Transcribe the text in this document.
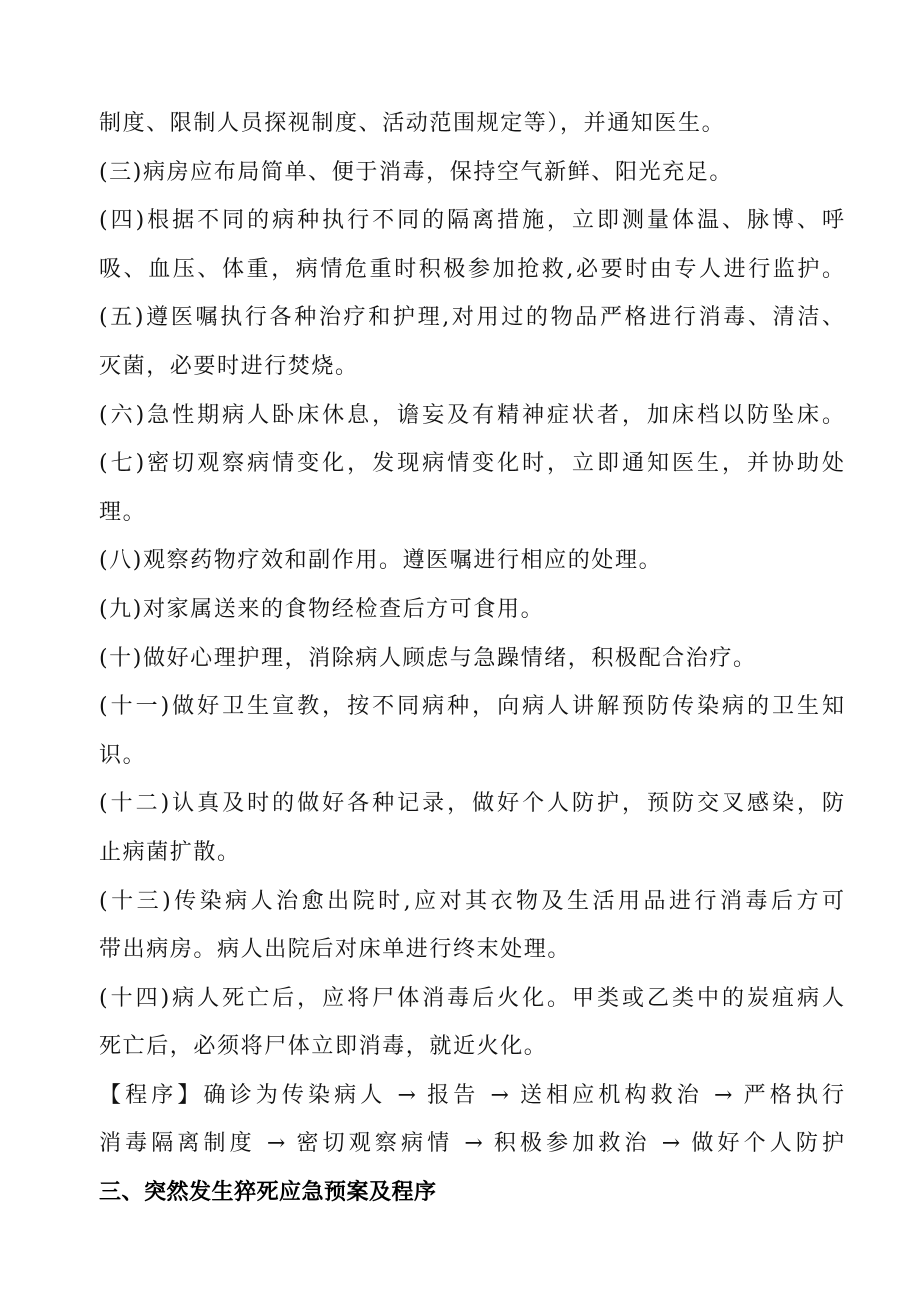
制度、限制人员探视制度、活动范围规定等），并通知医生。
(三)病房应布局简单、便于消毒，保持空气新鲜、阳光充足。
(四)根据不同的病种执行不同的隔离措施，立即测量体温、脉博、呼
吸、血压、体重，病情危重时积极参加抢救,必要时由专人进行监护。
(五)遵医嘱执行各种治疗和护理,对用过的物品严格进行消毒、清洁、
灭菌，必要时进行焚烧。
(六)急性期病人卧床休息，谵妄及有精神症状者，加床档以防坠床。
(七)密切观察病情变化，发现病情变化时，立即通知医生，并协助处
理。
(八)观察药物疗效和副作用。遵医嘱进行相应的处理。
(九)对家属送来的食物经检查后方可食用。
(十)做好心理护理，消除病人顾虑与急躁情绪，积极配合治疗。
(十一)做好卫生宣教，按不同病种，向病人讲解预防传染病的卫生知
识。
(十二)认真及时的做好各种记录，做好个人防护，预防交叉感染，防
止病菌扩散。
(十三)传染病人治愈出院时,应对其衣物及生活用品进行消毒后方可
带出病房。病人出院后对床单进行终末处理。
(十四)病人死亡后，应将尸体消毒后火化。甲类或乙类中的炭疽病人
死亡后，必须将尸体立即消毒，就近火化。
【程序】确诊为传染病人 → 报告 → 送相应机构救治 → 严格执行
消毒隔离制度 → 密切观察病情 → 积极参加救治 → 做好个人防护
三、突然发生猝死应急预案及程序
